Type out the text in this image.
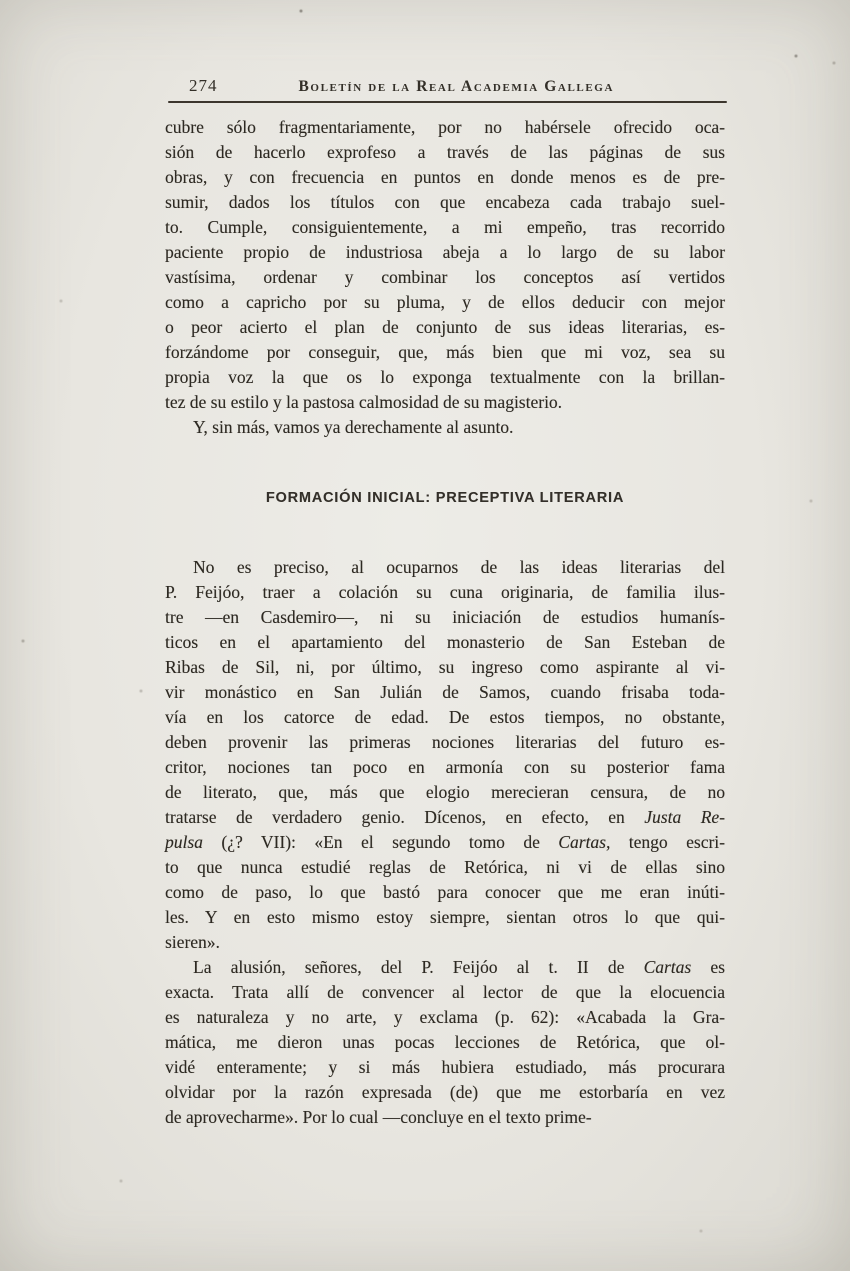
274	Boletín de la Real Academia Gallega
cubre sólo fragmentariamente, por no habérsele ofrecido oca-
sión de hacerlo exprofeso a través de las páginas de sus
obras, y con frecuencia en puntos en donde menos es de pre-
sumir, dados los títulos con que encabeza cada trabajo suel-
to. Cumple, consiguientemente, a mi empeño, tras recorrido
paciente propio de industriosa abeja a lo largo de su labor
vastísima, ordenar y combinar los conceptos así vertidos
como a capricho por su pluma, y de ellos deducir con mejor
o peor acierto el plan de conjunto de sus ideas literarias, es-
forzándome por conseguir, que, más bien que mi voz, sea su
propia voz la que os lo exponga textualmente con la brillan-
tez de su estilo y la pastosa calmosidad de su magisterio.
Y, sin más, vamos ya derechamente al asunto.
FORMACIÓN INICIAL: PRECEPTIVA LITERARIA
No es preciso, al ocuparnos de las ideas literarias del
P. Feijóo, traer a colación su cuna originaria, de familia ilus-
tre —en Casdemiro—, ni su iniciación de estudios humanís-
ticos en el apartamiento del monasterio de San Esteban de
Ribas de Sil, ni, por último, su ingreso como aspirante al vi-
vir monástico en San Julián de Samos, cuando frisaba toda-
vía en los catorce de edad. De estos tiempos, no obstante,
deben provenir las primeras nociones literarias del futuro es-
critor, nociones tan poco en armonía con su posterior fama
de literato, que, más que elogio merecieran censura, de no
tratarse de verdadero genio. Dícenos, en efecto, en Justa Re-
pulsa (¿? VII): «En el segundo tomo de Cartas, tengo escri-
to que nunca estudié reglas de Retórica, ni vi de ellas sino
como de paso, lo que bastó para conocer que me eran inúti-
les. Y en esto mismo estoy siempre, sientan otros lo que qui-
sieren».
La alusión, señores, del P. Feijóo al t. II de Cartas es
exacta. Trata allí de convencer al lector de que la elocuencia
es naturaleza y no arte, y exclama (p. 62): «Acabada la Gra-
mática, me dieron unas pocas lecciones de Retórica, que ol-
vidé enteramente; y si más hubiera estudiado, más procurara
olvidar por la razón expresada (de) que me estorbaría en vez
de aprovecharme». Por lo cual —concluye en el texto prime-
